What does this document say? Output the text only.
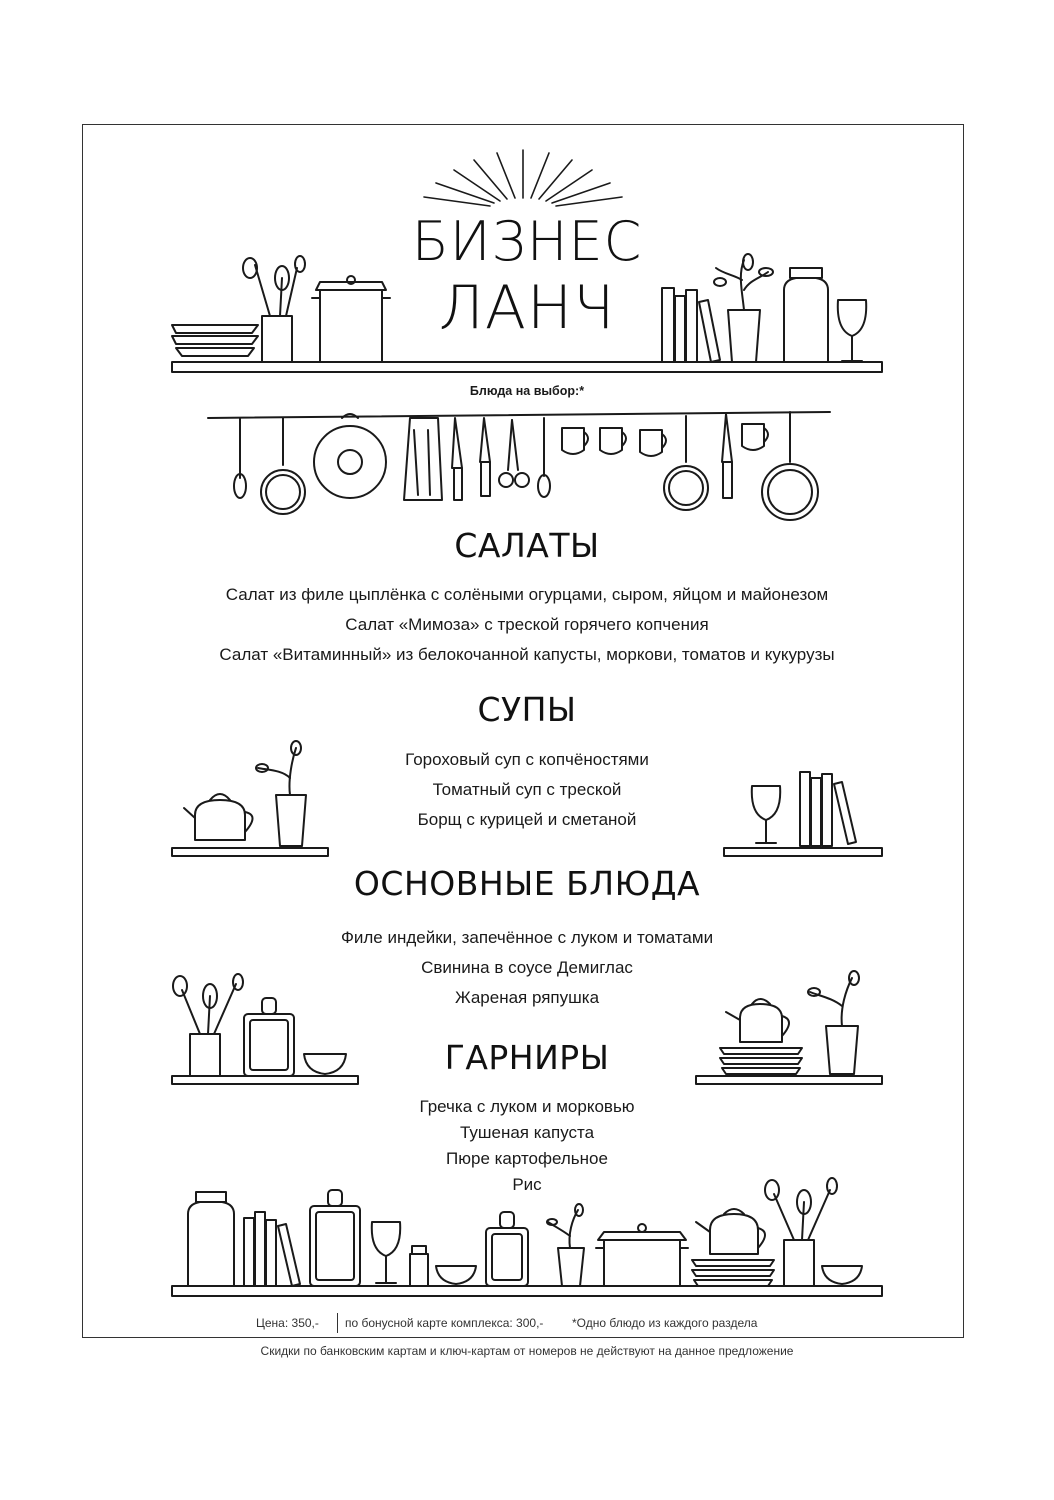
БИЗНЕС
ЛАНЧ
Блюда на выбор:*
САЛАТЫ
Салат из филе цыплёнка с солёными огурцами, сыром, яйцом и майонезом
Салат «Мимоза» с треской горячего копчения
Салат «Витаминный» из белокочанной капусты, моркови, томатов и кукурузы
СУПЫ
Гороховый суп с копчёностями
Томатный суп с треской
Борщ с курицей и сметаной
ОСНОВНЫЕ БЛЮДА
Филе индейки, запечённое с луком и томатами
Свинина в соусе Демиглас
Жареная ряпушка
ГАРНИРЫ
Гречка с луком и морковью
Тушеная капуста
Пюре картофельное
Рис
Цена: 350,- по бонусной карте комплекса: 300,- *Одно блюдо из каждого раздела
Скидки по банковским картам и ключ-картам от номеров не действуют на данное предложение
